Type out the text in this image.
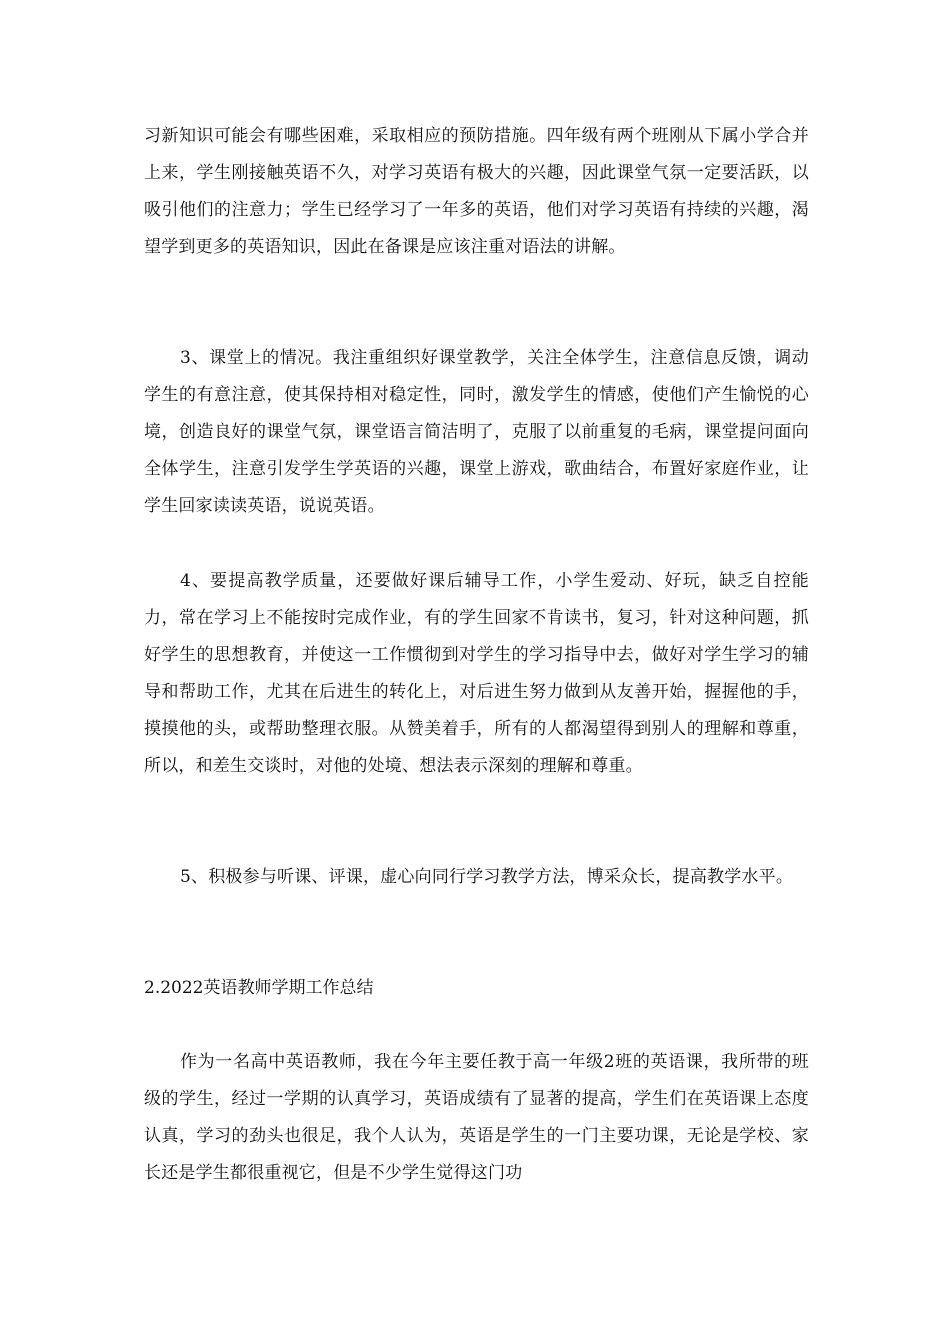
习新知识可能会有哪些困难，采取相应的预防措施。四年级有两个班刚从下属小学合并上来，学生刚接触英语不久，对学习英语有极大的兴趣，因此课堂气氛一定要活跃，以吸引他们的注意力；学生已经学习了一年多的英语，他们对学习英语有持续的兴趣，渴望学到更多的英语知识，因此在备课是应该注重对语法的讲解。

3、课堂上的情况。我注重组织好课堂教学，关注全体学生，注意信息反馈，调动学生的有意注意，使其保持相对稳定性，同时，激发学生的情感，使他们产生愉悦的心境，创造良好的课堂气氛，课堂语言简洁明了，克服了以前重复的毛病，课堂提问面向全体学生，注意引发学生学英语的兴趣，课堂上游戏，歌曲结合，布置好家庭作业，让学生回家读读英语，说说英语。

4、要提高教学质量，还要做好课后辅导工作，小学生爱动、好玩，缺乏自控能力，常在学习上不能按时完成作业，有的学生回家不肯读书，复习，针对这种问题，抓好学生的思想教育，并使这一工作惯彻到对学生的学习指导中去，做好对学生学习的辅导和帮助工作，尤其在后进生的转化上，对后进生努力做到从友善开始，握握他的手，摸摸他的头，或帮助整理衣服。从赞美着手，所有的人都渴望得到别人的理解和尊重，所以，和差生交谈时，对他的处境、想法表示深刻的理解和尊重。

5、积极参与听课、评课，虚心向同行学习教学方法，博采众长，提高教学水平。

2.2022英语教师学期工作总结

作为一名高中英语教师，我在今年主要任教于高一年级2班的英语课，我所带的班级的学生，经过一学期的认真学习，英语成绩有了显著的提高，学生们在英语课上态度认真，学习的劲头也很足，我个人认为，英语是学生的一门主要功课，无论是学校、家长还是学生都很重视它，但是不少学生觉得这门功
